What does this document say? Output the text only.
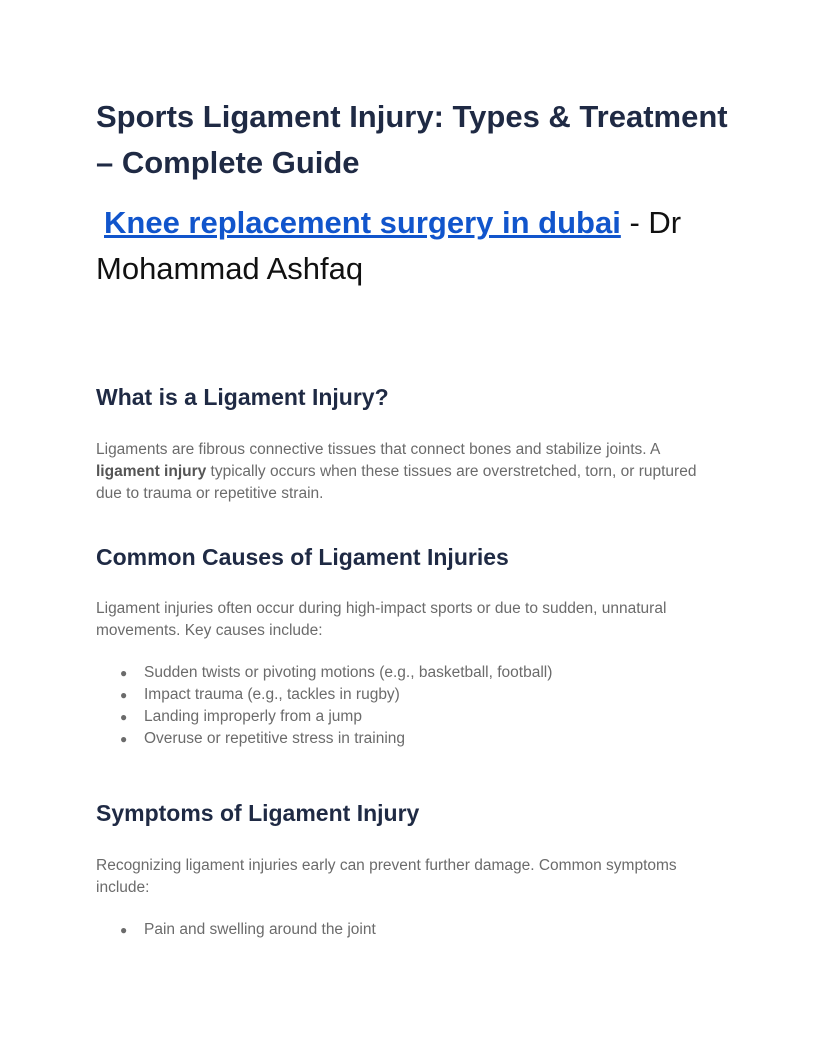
Sports Ligament Injury: Types & Treatment – Complete Guide
Knee replacement surgery in dubai - Dr Mohammad Ashfaq
What is a Ligament Injury?

Ligaments are fibrous connective tissues that connect bones and stabilize joints. A ligament injury typically occurs when these tissues are overstretched, torn, or ruptured due to trauma or repetitive strain.

Common Causes of Ligament Injuries

Ligament injuries often occur during high-impact sports or due to sudden, unnatural movements. Key causes include:

● Sudden twists or pivoting motions (e.g., basketball, football)
● Impact trauma (e.g., tackles in rugby)
● Landing improperly from a jump
● Overuse or repetitive stress in training
Symptoms of Ligament Injury

Recognizing ligament injuries early can prevent further damage. Common symptoms include:

● Pain and swelling around the joint
